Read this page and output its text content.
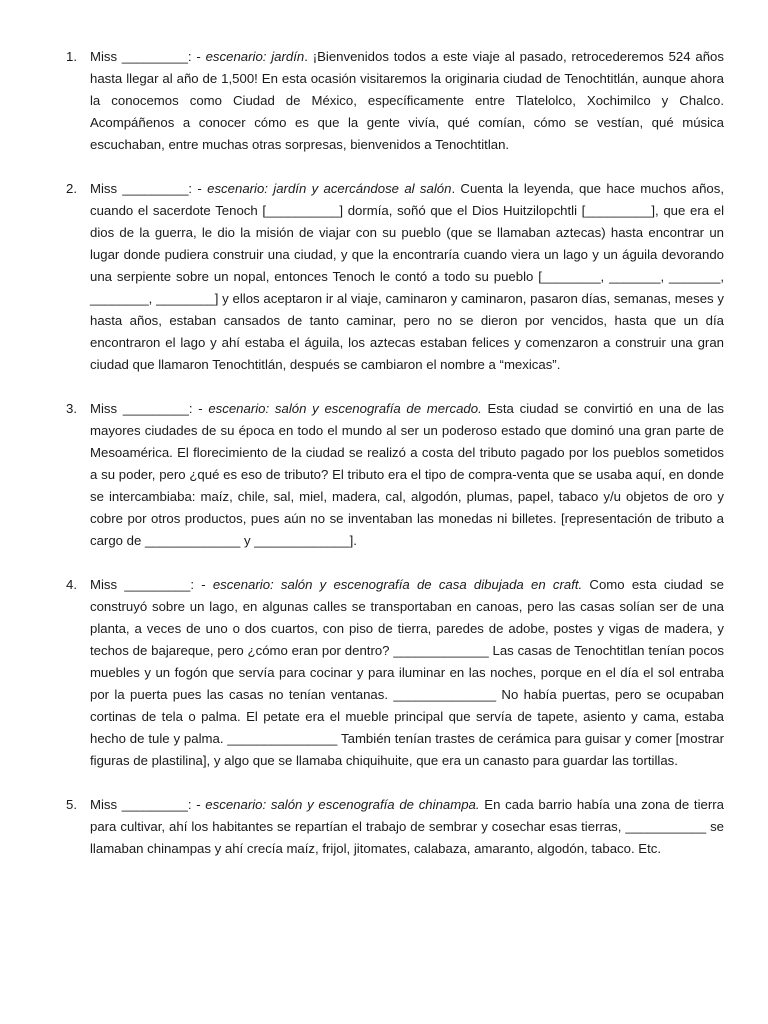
1. Miss _________: - escenario: jardín. ¡Bienvenidos todos a este viaje al pasado, retrocederemos 524 años hasta llegar al año de 1,500! En esta ocasión visitaremos la originaria ciudad de Tenochtitlán, aunque ahora la conocemos como Ciudad de México, específicamente entre Tlatelolco, Xochimilco y Chalco. Acompáñenos a conocer cómo es que la gente vivía, qué comían, cómo se vestían, qué música escuchaban, entre muchas otras sorpresas, bienvenidos a Tenochtitlan.
2. Miss _________: - escenario: jardín y acercándose al salón. Cuenta la leyenda, que hace muchos años, cuando el sacerdote Tenoch [__________] dormía, soñó que el Dios Huitzilopchtli [_________], que era el dios de la guerra, le dio la misión de viajar con su pueblo (que se llamaban aztecas) hasta encontrar un lugar donde pudiera construir una ciudad, y que la encontraría cuando viera un lago y un águila devorando una serpiente sobre un nopal, entonces Tenoch le contó a todo su pueblo [________, _______, _______, ________, ________] y ellos aceptaron ir al viaje, caminaron y caminaron, pasaron días, semanas, meses y hasta años, estaban cansados de tanto caminar, pero no se dieron por vencidos, hasta que un día encontraron el lago y ahí estaba el águila, los aztecas estaban felices y comenzaron a construir una gran ciudad que llamaron Tenochtitlán, después se cambiaron el nombre a “mexicas”.
3. Miss _________: - escenario: salón y escenografía de mercado. Esta ciudad se convirtió en una de las mayores ciudades de su época en todo el mundo al ser un poderoso estado que dominó una gran parte de Mesoamérica. El florecimiento de la ciudad se realizó a costa del tributo pagado por los pueblos sometidos a su poder, pero ¿qué es eso de tributo? El tributo era el tipo de compra-venta que se usaba aquí, en donde se intercambiaba: maíz, chile, sal, miel, madera, cal, algodón, plumas, papel, tabaco y/u objetos de oro y cobre por otros productos, pues aún no se inventaban las monedas ni billetes. [representación de tributo a cargo de _____________ y _____________].
4. Miss _________: - escenario: salón y escenografía de casa dibujada en craft. Como esta ciudad se construyó sobre un lago, en algunas calles se transportaban en canoas, pero las casas solían ser de una planta, a veces de uno o dos cuartos, con piso de tierra, paredes de adobe, postes y vigas de madera, y techos de bajareque, pero ¿cómo eran por dentro? _____________ Las casas de Tenochtitlan tenían pocos muebles y un fogón que servía para cocinar y para iluminar en las noches, porque en el día el sol entraba por la puerta pues las casas no tenían ventanas. ______________ No había puertas, pero se ocupaban cortinas de tela o palma. El petate era el mueble principal que servía de tapete, asiento y cama, estaba hecho de tule y palma. _______________ También tenían trastes de cerámica para guisar y comer [mostrar figuras de plastilina], y algo que se llamaba chiquihuite, que era un canasto para guardar las tortillas.
5. Miss _________: - escenario: salón y escenografía de chinampa. En cada barrio había una zona de tierra para cultivar, ahí los habitantes se repartían el trabajo de sembrar y cosechar esas tierras, ___________ se llamaban chinampas y ahí crecía maíz, frijol, jitomates, calabaza, amaranto, algodón, tabaco. Etc.
